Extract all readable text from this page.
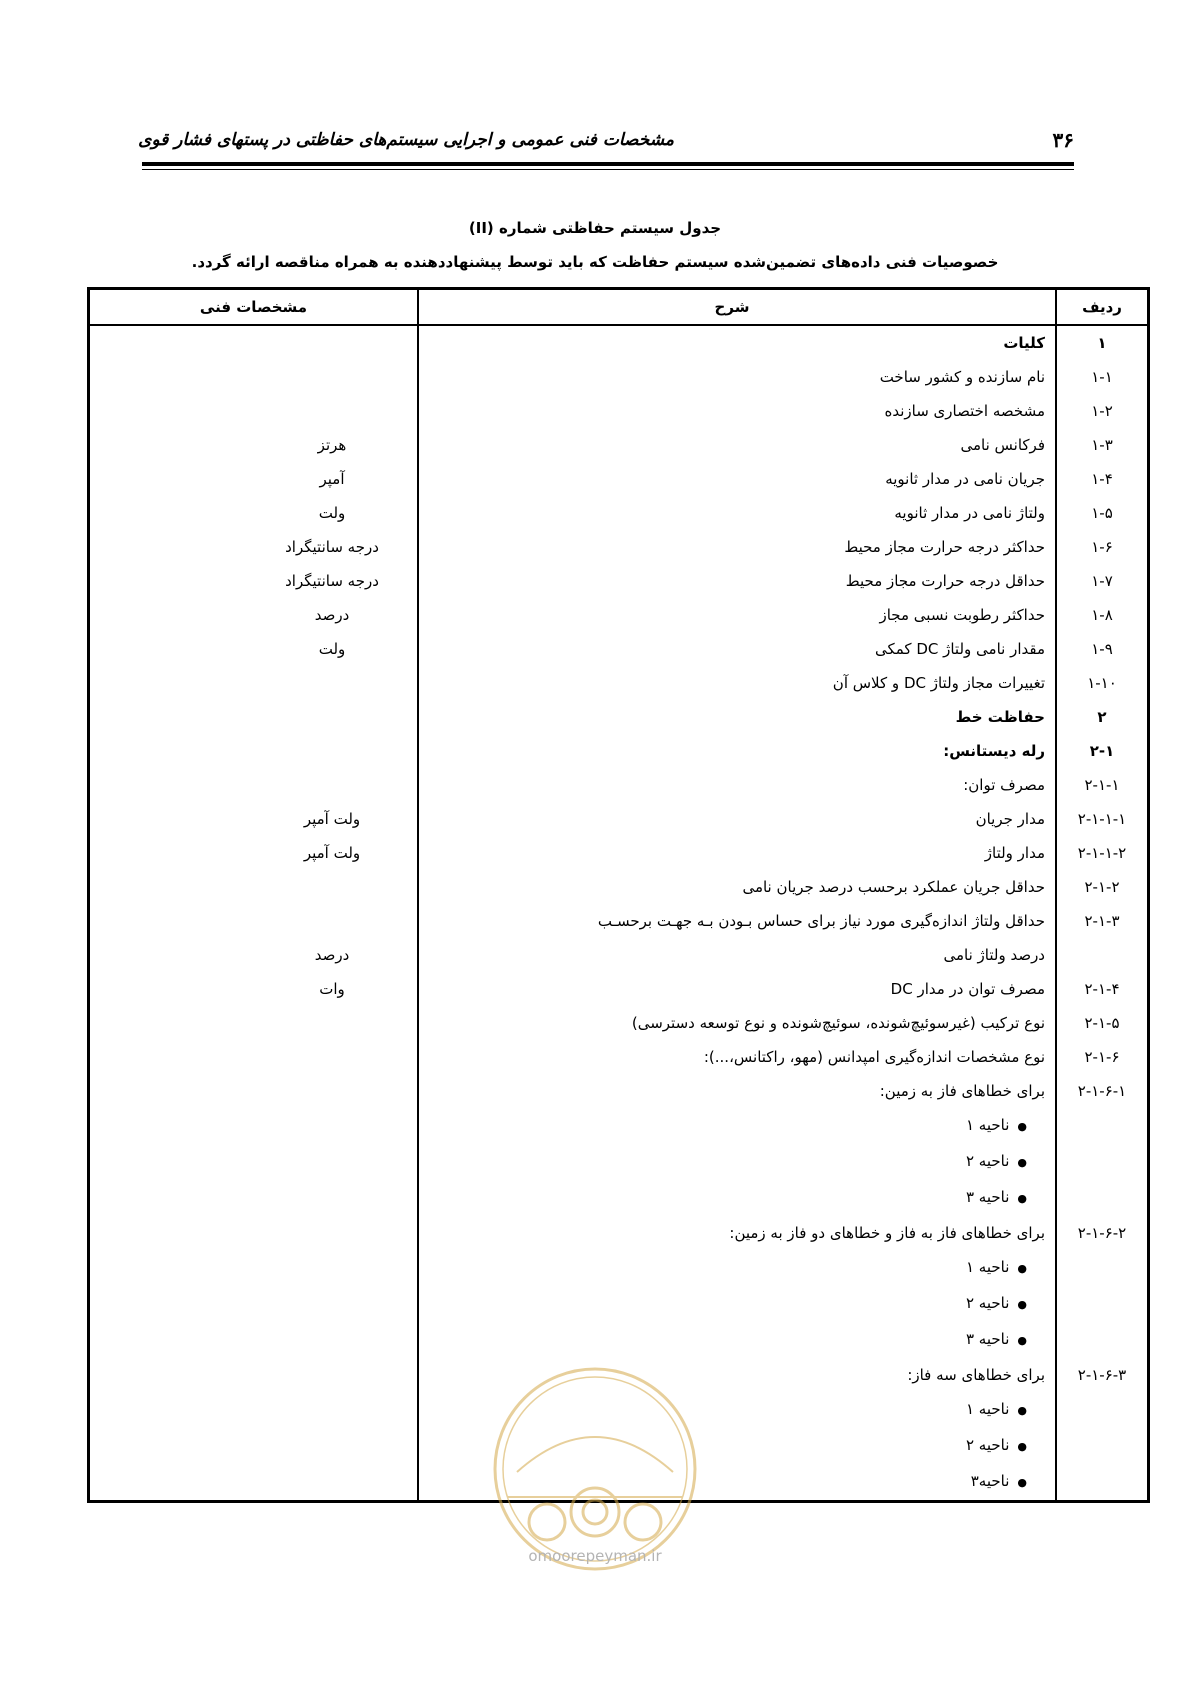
مشخصات فنی عمومی و اجرایی سیستم‌های حفاظتی در پستهای فشار قوی	۳۶
جدول سیستم حفاظتی شماره (II)
خصوصیات فنی داده‌های تضمین‌شده سیستم حفاظت که باید توسط پیشنهاددهنده به همراه مناقصه ارائه گردد.
ردیف	شرح	مشخصات فنی
۱	کلیات	
۱-۱	نام سازنده و کشور ساخت	
۱-۲	مشخصه اختصاری سازنده	
۱-۳	فرکانس نامی	هرتز
۱-۴	جریان نامی در مدار ثانویه	آمپر
۱-۵	ولتاژ نامی در مدار ثانویه	ولت
۱-۶	حداکثر درجه حرارت مجاز محیط	درجه سانتیگراد
۱-۷	حداقل درجه حرارت مجاز محیط	درجه سانتیگراد
۱-۸	حداکثر رطوبت نسبی مجاز	درصد
۱-۹	مقدار نامی ولتاژ DC کمکی	ولت
۱-۱۰	تغییرات مجاز ولتاژ DC و کلاس آن	
۲	حفاظت خط	
۲-۱	رله دیستانس:	
۲-۱-۱	مصرف توان:	
۲-۱-۱-۱	مدار جریان	ولت آمپر
۲-۱-۱-۲	مدار ولتاژ	ولت آمپر
۲-۱-۲	حداقل جریان عملکرد برحسب درصد جریان نامی	
۲-۱-۳	حداقل ولتاژ اندازه‌گیری مورد نیاز برای حساس بـودن بـه جهـت برحسـب	
	درصد ولتاژ نامی	درصد
۲-۱-۴	مصرف توان در مدار DC	وات
۲-۱-۵	نوع ترکیب (غیرسوئیچ‌شونده، سوئیچ‌شونده و نوع توسعه دسترسی)	
۲-۱-۶	نوع مشخصات اندازه‌گیری امپدانس (مهو، راکتانس،...):	
۲-۱-۶-۱	برای خطاهای فاز به زمین:	
	● ناحیه ۱	
	● ناحیه ۲	
	● ناحیه ۳	
۲-۱-۶-۲	برای خطاهای فاز به فاز و خطاهای دو فاز به زمین:	
	● ناحیه ۱	
	● ناحیه ۲	
	● ناحیه ۳	
۲-۱-۶-۳	برای خطاهای سه فاز:	
	● ناحیه ۱	
	● ناحیه ۲	
	● ناحیه۳	
omoorepeyman.ir
